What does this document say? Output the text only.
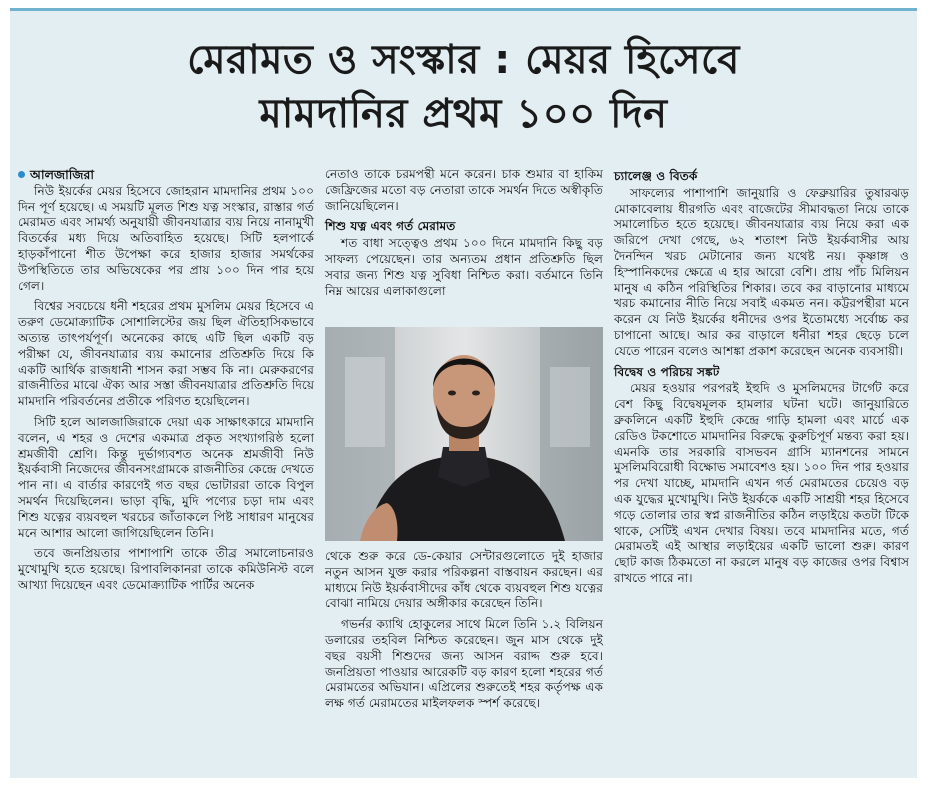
মেরামত ও সংস্কার : মেয়র হিসেবে
মামদানির প্রথম ১০০ দিন
আলজাজিরা

নিউ ইয়র্কের মেয়র হিসেবে জোহরান মামদানির প্রথম ১০০ দিন পূর্ণ হয়েছে। এ সময়টি মূলত শিশু যত্ন সংস্কার, রাস্তার গর্ত মেরামত এবং সামর্থ্য অনুযায়ী জীবনযাত্রার ব্যয় নিয়ে নানামুখী বিতর্কের মধ্য দিয়ে অতিবাহিত হয়েছে। সিটি হলপার্কে হাড়কাঁপানো শীত উপেক্ষা করে হাজার হাজার সমর্থকের উপস্থিতিতে তার অভিষেকের পর প্রায় ১০০ দিন পার হয়ে গেল।

বিশ্বের সবচেয়ে ধনী শহরের প্রথম মুসলিম মেয়র হিসেবে এ তরুণ ডেমোক্র্যাটিক সোশালিস্টের জয় ছিল ঐতিহাসিকভাবে অত্যন্ত তাৎপর্যপূর্ণ। অনেকের কাছে এটি ছিল একটি বড় পরীক্ষা যে, জীবনযাত্রার ব্যয় কমানোর প্রতিশ্রুতি দিয়ে কি একটি আর্থিক রাজধানী শাসন করা সম্ভব কি না। মেরুকরণের রাজনীতির মাঝে ঐক্য আর সস্তা জীবনযাত্রার প্রতিশ্রুতি দিয়ে মামদানি পরিবর্তনের প্রতীকে পরিণত হয়েছিলেন।

সিটি হলে আলজাজিরাকে দেয়া এক সাক্ষাৎকারে মামদানি বলেন, এ শহর ও দেশের একমাত্র প্রকৃত সংখ্যাগরিষ্ঠ হলো শ্রমজীবী শ্রেণি। কিন্তু দুর্ভাগ্যবশত অনেক শ্রমজীবী নিউ ইয়র্কবাসী নিজেদের জীবনসংগ্রামকে রাজনীতির কেন্দ্রে দেখতে পান না। এ বার্তার কারণেই গত বছর ভোটাররা তাকে বিপুল সমর্থন দিয়েছিলেন। ভাড়া বৃদ্ধি, মুদি পণ্যের চড়া দাম এবং শিশু যত্নের ব্যয়বহুল খরচের জাঁতাকলে পিষ্ট সাধারণ মানুষের মনে আশার আলো জাগিয়েছিলেন তিনি।

তবে জনপ্রিয়তার পাশাপাশি তাকে তীব্র সমালোচনারও মুখোমুখি হতে হয়েছে। রিপাবলিকানরা তাকে কমিউনিস্ট বলে আখ্যা দিয়েছেন এবং ডেমোক্র্যাটিক পার্টির অনেক

নেতাও তাকে চরমপন্থী মনে করেন। চাক শুমার বা হাকিম জেফ্রিজের মতো বড় নেতারা তাকে সমর্থন দিতে অস্বীকৃতি জানিয়েছিলেন।

শিশু যত্ন এবং গর্ত মেরামত

শত বাধা সত্ত্বেও প্রথম ১০০ দিনে মামদানি কিছু বড় সাফল্য পেয়েছেন। তার অন্যতম প্রধান প্রতিশ্রুতি ছিল সবার জন্য শিশু যত্ন সুবিধা নিশ্চিত করা। বর্তমানে তিনি নিম্ন আয়ের এলাকাগুলো

থেকে শুরু করে ডে-কেয়ার সেন্টারগুলোতে দুই হাজার নতুন আসন যুক্ত করার পরিকল্পনা বাস্তবায়ন করছেন। এর মাধ্যমে নিউ ইয়র্কবাসীদের কাঁধ থেকে ব্যয়বহুল শিশু যত্নের বোঝা নামিয়ে দেয়ার অঙ্গীকার করেছেন তিনি।

গভর্নর ক্যাথি হোকুলের সাথে মিলে তিনি ১.২ বিলিয়ন ডলারের তহবিল নিশ্চিত করেছেন। জুন মাস থেকে দুই বছর বয়সী শিশুদের জন্য আসন বরাদ্দ শুরু হবে। জনপ্রিয়তা পাওয়ার আরেকটি বড় কারণ হলো শহরের গর্ত মেরামতের অভিযান। এপ্রিলের শুরুতেই শহর কর্তৃপক্ষ এক লক্ষ গর্ত মেরামতের মাইলফলক স্পর্শ করেছে।

চ্যালেঞ্জ ও বিতর্ক

সাফল্যের পাশাপাশি জানুয়ারি ও ফেব্রুয়ারির তুষারঝড় মোকাবেলায় ধীরগতি এবং বাজেটের সীমাবদ্ধতা নিয়ে তাকে সমালোচিত হতে হয়েছে। জীবনযাত্রার ব্যয় নিয়ে করা এক জরিপে দেখা গেছে, ৬২ শতাংশ নিউ ইয়র্কবাসীর আয় দৈনন্দিন খরচ মেটানোর জন্য যথেষ্ট নয়। কৃষ্ণাঙ্গ ও হিস্পানিকদের ক্ষেত্রে এ হার আরো বেশি। প্রায় পাঁচ মিলিয়ন মানুষ এ কঠিন পরিস্থিতির শিকার। তবে কর বাড়ানোর মাধ্যমে খরচ কমানোর নীতি নিয়ে সবাই একমত নন। কট্টরপন্থীরা মনে করেন যে নিউ ইয়র্কের ধনীদের ওপর ইতোমধ্যে সর্বোচ্চ কর চাপানো আছে। আর কর বাড়ালে ধনীরা শহর ছেড়ে চলে যেতে পারেন বলেও আশঙ্কা প্রকাশ করেছেন অনেক ব্যবসায়ী।

বিদ্বেষ ও পরিচয় সঙ্কট

মেয়র হওয়ার পরপরই ইহুদি ও মুসলিমদের টার্গেট করে বেশ কিছু বিদ্বেষমূলক হামলার ঘটনা ঘটে। জানুয়ারিতে ব্রুকলিনে একটি ইহুদি কেন্দ্রে গাড়ি হামলা এবং মার্চে এক রেডিও টকশোতে মামদানির বিরুদ্ধে কুরুচিপূর্ণ মন্তব্য করা হয়। এমনকি তার সরকারি বাসভবন গ্রাসি ম্যানশনের সামনে মুসলিমবিরোধী বিক্ষোভ সমাবেশও হয়। ১০০ দিন পার হওয়ার পর দেখা যাচ্ছে, মামদানি এখন গর্ত মেরামতের চেয়েও বড় এক যুদ্ধের মুখোমুখি। নিউ ইয়র্ককে একটি সাশ্রয়ী শহর হিসেবে গড়ে তোলার তার স্বপ্ন রাজনীতির কঠিন লড়াইয়ে কতটা টিকে থাকে, সেটিই এখন দেখার বিষয়। তবে মামদানির মতে, গর্ত মেরামতই এই আস্থার লড়াইয়ের একটি ভালো শুরু। কারণ ছোট কাজ ঠিকমতো না করলে মানুষ বড় কাজের ওপর বিশ্বাস রাখতে পারে না।
